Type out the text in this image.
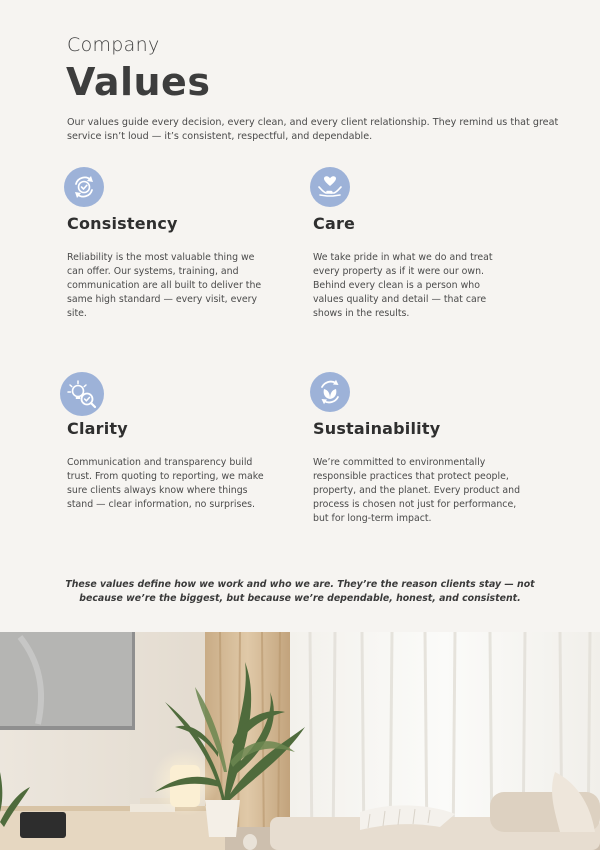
Company
Values

Our values guide every decision, every clean, and every client relationship. They remind us that great service isn’t loud — it’s consistent, respectful, and dependable.

Consistency

Reliability is the most valuable thing we can offer. Our systems, training, and communication are all built to deliver the same high standard — every visit, every site.

Care

We take pride in what we do and treat every property as if it were our own. Behind every clean is a person who values quality and detail — that care shows in the results.

Clarity

Communication and transparency build trust. From quoting to reporting, we make sure clients always know where things stand — clear information, no surprises.

Sustainability

We’re committed to environmentally responsible practices that protect people, property, and the planet. Every product and process is chosen not just for performance, but for long-term impact.

These values define how we work and who we are. They’re the reason clients stay — not because we’re the biggest, but because we’re dependable, honest, and consistent.
